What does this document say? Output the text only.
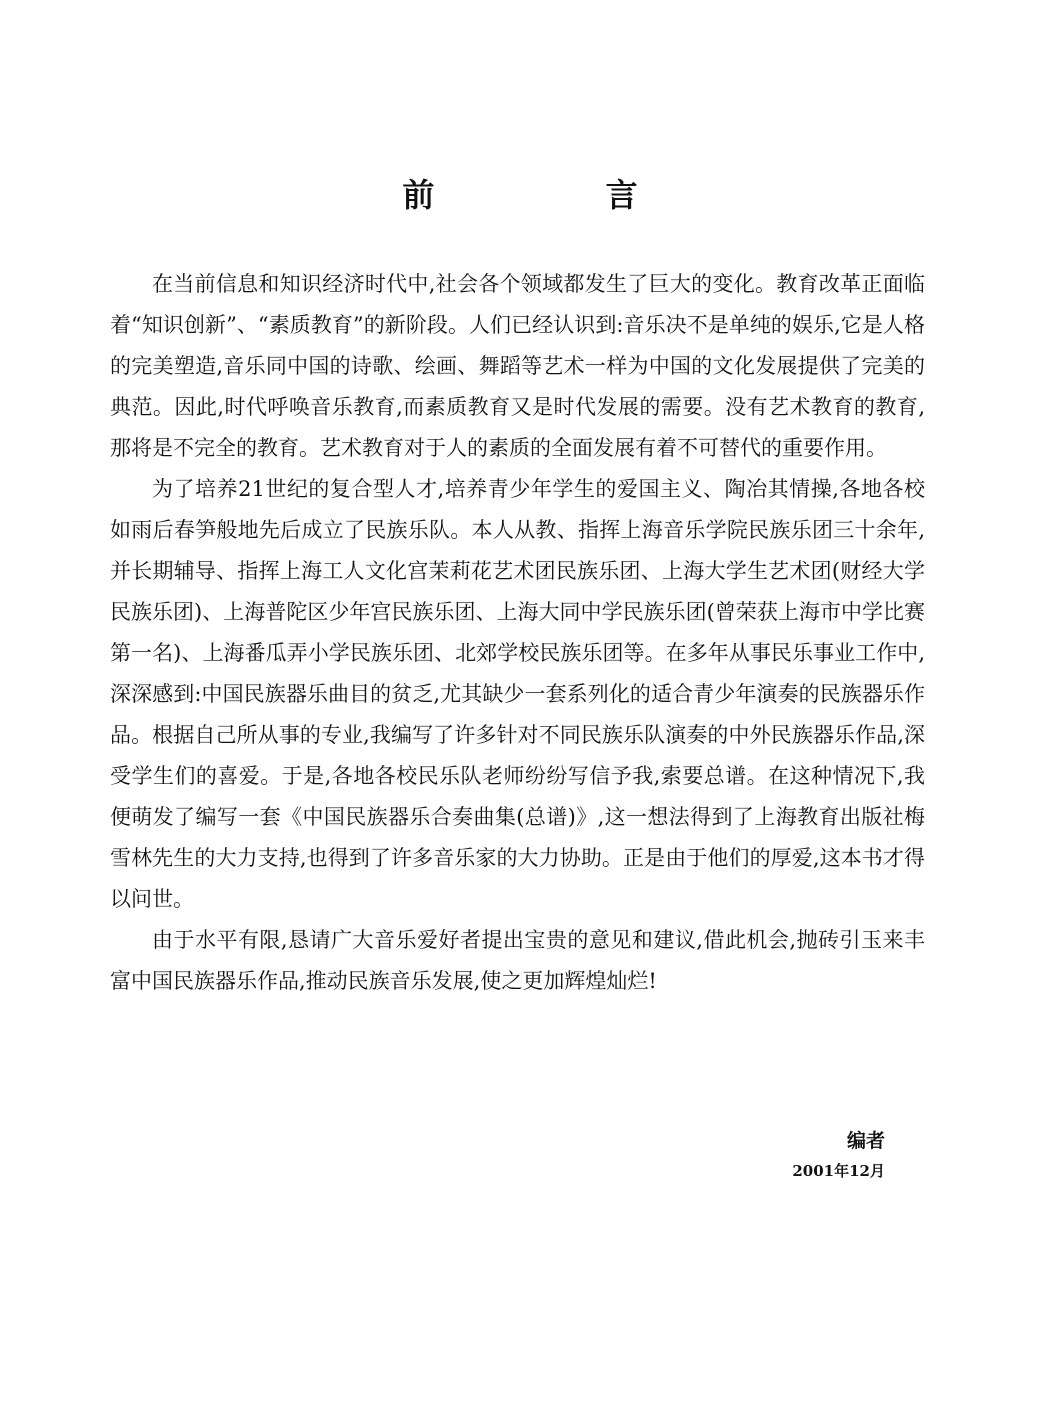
前 言

在当前信息和知识经济时代中,社会各个领域都发生了巨大的变化。教育改革正面临着“知识创新”、“素质教育”的新阶段。人们已经认识到:音乐决不是单纯的娱乐,它是人格的完美塑造,音乐同中国的诗歌、绘画、舞蹈等艺术一样为中国的文化发展提供了完美的典范。因此,时代呼唤音乐教育,而素质教育又是时代发展的需要。没有艺术教育的教育,那将是不完全的教育。艺术教育对于人的素质的全面发展有着不可替代的重要作用。

为了培养21世纪的复合型人才,培养青少年学生的爱国主义、陶冶其情操,各地各校如雨后春笋般地先后成立了民族乐队。本人从教、指挥上海音乐学院民族乐团三十余年,并长期辅导、指挥上海工人文化宫茉莉花艺术团民族乐团、上海大学生艺术团(财经大学民族乐团)、上海普陀区少年宫民族乐团、上海大同中学民族乐团(曾荣获上海市中学比赛第一名)、上海番瓜弄小学民族乐团、北郊学校民族乐团等。在多年从事民乐事业工作中,深深感到:中国民族器乐曲目的贫乏,尤其缺少一套系列化的适合青少年演奏的民族器乐作品。根据自己所从事的专业,我编写了许多针对不同民族乐队演奏的中外民族器乐作品,深受学生们的喜爱。于是,各地各校民乐队老师纷纷写信予我,索要总谱。在这种情况下,我便萌发了编写一套《中国民族器乐合奏曲集(总谱)》,这一想法得到了上海教育出版社梅雪林先生的大力支持,也得到了许多音乐家的大力协助。正是由于他们的厚爱,这本书才得以问世。

由于水平有限,恳请广大音乐爱好者提出宝贵的意见和建议,借此机会,抛砖引玉来丰富中国民族器乐作品,推动民族音乐发展,使之更加辉煌灿烂!

编者
2001年12月
